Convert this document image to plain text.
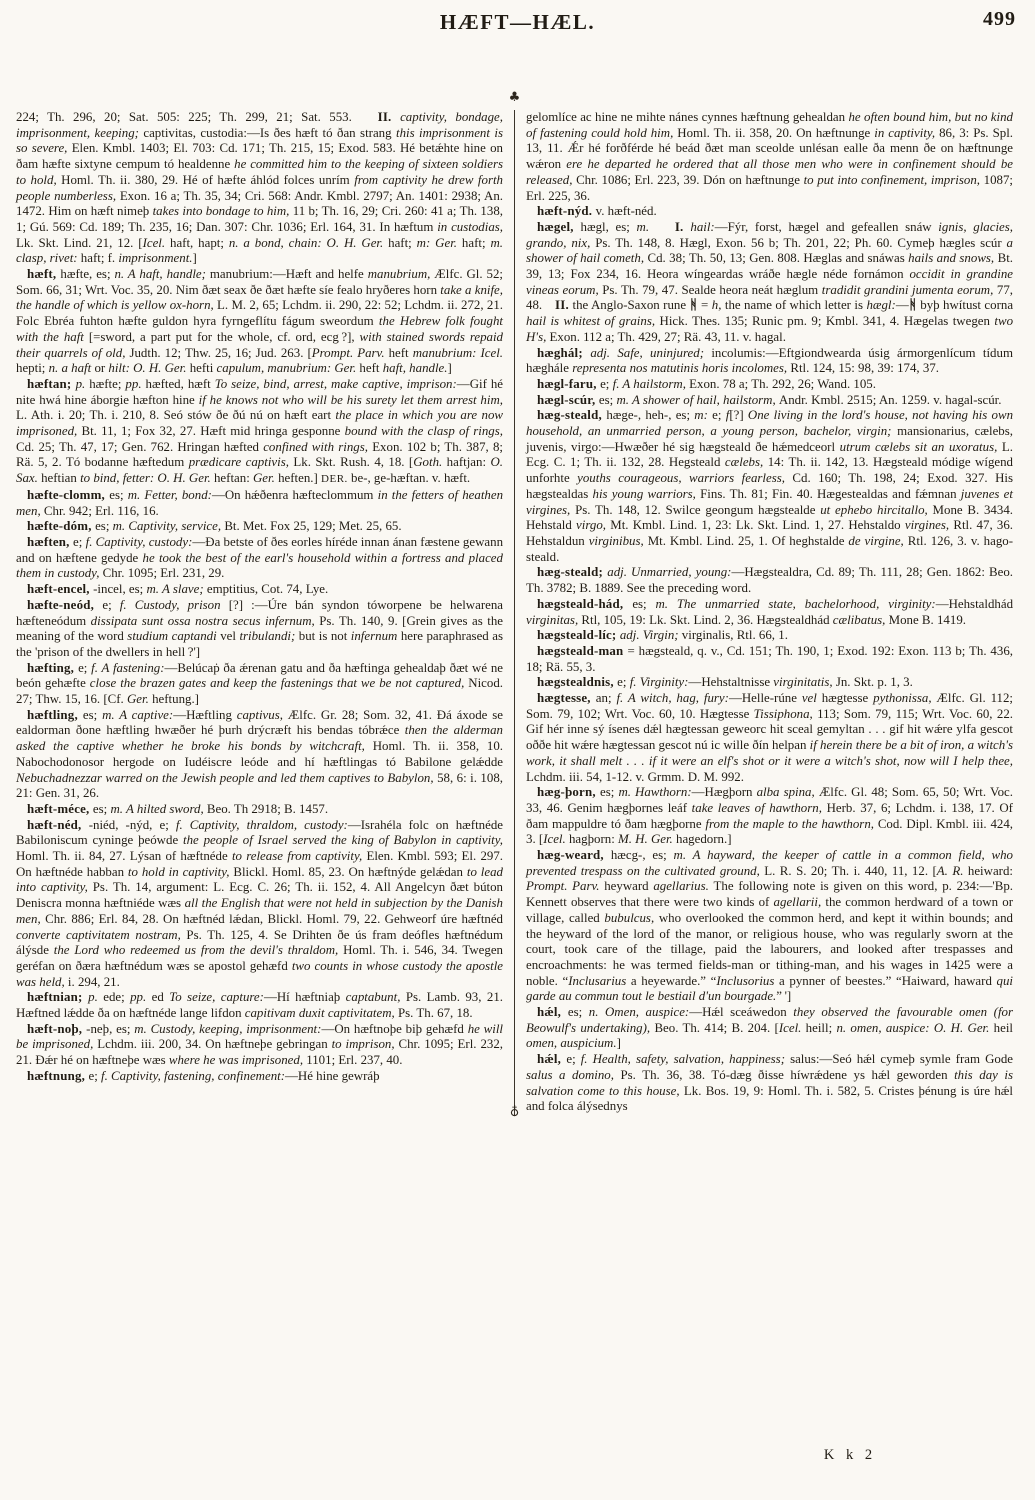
HÆFT—HÆL.	499

224; Th. 296, 20; Sat. 505: 225; Th. 299, 21; Sat. 553.  II. captivity, bondage, imprisonment, keeping; captivitas, custodia:—Is ðes hæft tó ðan strang this imprisonment is so severe, Elen. Kmbl. 1403; El. 703: Cd. 171; Th. 215, 15; Exod. 583. Hé betǽhte hine on ðam hæfte sixtyne cempum tó healdenne he committed him to the keeping of sixteen soldiers to hold, Homl. Th. ii. 380, 29. Hé of hæfte áhlód folces unrím from captivity he drew forth people numberless, Exon. 16 a; Th. 35, 34; Cri. 568: Andr. Kmbl. 2797; An. 1401: 2938; An. 1472. Him on hæft nimeþ takes into bondage to him, 11 b; Th. 16, 29; Cri. 260: 41 a; Th. 138, 1; Gú. 569: Cd. 189; Th. 235, 16; Dan. 307: Chr. 1036; Erl. 164, 31. In hæftum in custodias, Lk. Skt. Lind. 21, 12. [Icel. haft, hapt; n. a bond, chain: O. H. Ger. haft; m: Ger. haft; m. clasp, rivet: haft; f. imprisonment.]

hæft, hæfte, es; n. A haft, handle; manubrium:—Hæft and helfe manubrium, Ælfc. Gl. 52; Som. 66, 31; Wrt. Voc. 35, 20. Nim ðæt seax ðe ðæt hæfte síe fealo hryðeres horn take a knife, the handle of which is yellow ox-horn, L. M. 2, 65; Lchdm. ii. 290, 22: 52; Lchdm. ii. 272, 21. Folc Ebréa fuhton hæfte guldon hyra fyrngeflítu fágum sweordum the Hebrew folk fought with the haft [=sword, a part put for the whole, cf. ord, ecg ?], with stained swords repaid their quarrels of old, Judth. 12; Thw. 25, 16; Jud. 263. [Prompt. Parv. heft manubrium: Icel. hepti; n. a haft or hilt: O. H. Ger. hefti capulum, manubrium: Ger. heft haft, handle.]

hæftan; p. hæfte; pp. hæfted, hæft To seize, bind, arrest, make captive, imprison:—Gif hé nite hwá hine áborgie hæfton hine if he knows not who will be his surety let them arrest him, L. Ath. i. 20; Th. i. 210, 8. Seó stów ðe ðú nú on hæft eart the place in which you are now imprisoned, Bt. 11, 1; Fox 32, 27. Hæft mid hringa gesponne bound with the clasp of rings, Cd. 25; Th. 47, 17; Gen. 762. Hringan hæfted confined with rings, Exon. 102 b; Th. 387, 8; Rä. 5, 2. Tó bodanne hæftedum prædicare captivis, Lk. Skt. Rush. 4, 18. [Goth. haftjan: O. Sax. heftian to bind, fetter: O. H. Ger. heftan: Ger. heften.] DER. be-, ge-hæftan. v. hæft.

hæfte-clomm, es; m. Fetter, bond:—On hǽðenra hæfteclommum in the fetters of heathen men, Chr. 942; Erl. 116, 16.

hæfte-dóm, es; m. Captivity, service, Bt. Met. Fox 25, 129; Met. 25, 65.

hæften, e; f. Captivity, custody:—Ða betste of ðes eorles híréde innan ánan fæstene gewann and on hæftene gedyde he took the best of the earl's household within a fortress and placed them in custody, Chr. 1095; Erl. 231, 29.

hæft-encel, -incel, es; m. A slave; emptitius, Cot. 74, Lye.

hæfte-neód, e; f. Custody, prison [?] :—Úre bán syndon tóworpene be helwarena hæfteneódum dissipata sunt ossa nostra secus infernum, Ps. Th. 140, 9. [Grein gives as the meaning of the word studium captandi vel tribulandi; but is not infernum here paraphrased as the 'prison of the dwellers in hell ?']

hæfting, e; f. A fastening:—Belúcaṗ ða ǽrenan gatu and ða hæftinga gehealdaþ ðæt wé ne beón gehæfte close the brazen gates and keep the fastenings that we be not captured, Nicod. 27; Thw. 15, 16. [Cf. Ger. heftung.]

hæftling, es; m. A captive:—Hæftling captivus, Ælfc. Gr. 28; Som. 32, 41. Ðá áxode se ealdorman ðone hæftling hwæðer hé þurh drýcræft his bendas tóbrǽce then the alderman asked the captive whether he broke his bonds by witchcraft, Homl. Th. ii. 358, 10. Nabochodonosor hergode on Iudéiscre leóde and hí hæftlingas tó Babilone gelǽdde Nebuchadnezzar warred on the Jewish people and led them captives to Babylon, 58, 6: i. 108, 21: Gen. 31, 26.

hæft-méce, es; m. A hilted sword, Beo. Th 2918; B. 1457.

hæft-néd, -niéd, -nýd, e; f. Captivity, thraldom, custody:—Israhéla folc on hæftnéde Babiloniscum cyninge þeówde the people of Israel served the king of Babylon in captivity, Homl. Th. ii. 84, 27. Lýsan of hæftnéde to release from captivity, Elen. Kmbl. 593; El. 297. On hæftnéde habban to hold in captivity, Blickl. Homl. 85, 23. On hæftnýde gelǽdan to lead into captivity, Ps. Th. 14, argument: L. Ecg. C. 26; Th. ii. 152, 4. All Angelcyn ðæt búton Deniscra monna hæftniéde wæs all the English that were not held in subjection by the Danish men, Chr. 886; Erl. 84, 28. On hæftnéd lǽdan, Blickl. Homl. 79, 22. Gehweorf úre hæftnéd converte captivitatem nostram, Ps. Th. 125, 4. Se Drihten ðe ús fram deófles hæftnédum álýsde the Lord who redeemed us from the devil's thraldom, Homl. Th. i. 546, 34. Twegen geréfan on ðæra hæftnédum wæs se apostol gehæfd two counts in whose custody the apostle was held, i. 294, 21.

hæftnian; p. ede; pp. ed To seize, capture:—Hí hæftniaþ captabunt, Ps. Lamb. 93, 21. Hæftned lǽdde ða on hæftnéde lange lifdon capitivam duxit captivitatem, Ps. Th. 67, 18.

hæft-noþ, -neþ, es; m. Custody, keeping, imprisonment:—On hæftnoþe biþ gehæfd he will be imprisoned, Lchdm. iii. 200, 34. On hæftneþe gebringan to imprison, Chr. 1095; Erl. 232, 21. Ðǽr hé on hæftneþe wæs where he was imprisoned, 1101; Erl. 237, 40.

hæftnung, e; f. Captivity, fastening, confinement:—Hé hine gewráþ

♣
♁

gelomlíce ac hine ne mihte nánes cynnes hæftnung gehealdan he often bound him, but no kind of fastening could hold him, Homl. Th. ii. 358, 20. On hæftnunge in captivity, 86, 3: Ps. Spl. 13, 11. Ǽr hé forðférde hé beád ðæt man sceolde unlésan ealle ða menn ðe on hæftnunge wǽron ere he departed he ordered that all those men who were in confinement should be released, Chr. 1086; Erl. 223, 39. Dón on hæftnunge to put into confinement, imprison, 1087; Erl. 225, 36.

hæft-nýd. v. hæft-néd.

hægel, hægl, es; m.  I. hail:—Fýr, forst, hægel and gefeallen snáw ignis, glacies, grando, nix, Ps. Th. 148, 8. Hægl, Exon. 56 b; Th. 201, 22; Ph. 60. Cymeþ hægles scúr a shower of hail cometh, Cd. 38; Th. 50, 13; Gen. 808. Hæglas and snáwas hails and snows, Bt. 39, 13; Fox 234, 16. Heora wíngeardas wráðe hægle néde fornámon occidit in grandine vineas eorum, Ps. Th. 79, 47. Sealde heora neát hæglum tradidit grandini jumenta eorum, 77, 48. II. the Anglo-Saxon rune ᚻ = h, the name of which letter is hægl:—ᚻ byþ hwítust corna hail is whitest of grains, Hick. Thes. 135; Runic pm. 9; Kmbl. 341, 4. Hægelas twegen two H's, Exon. 112 a; Th. 429, 27; Rä. 43, 11. v. hagal.

hæghál; adj. Safe, uninjured; incolumis:—Eftgiondwearda úsig ármorgenlícum tídum hæghále representa nos matutinis horis incolomes, Rtl. 124, 15: 98, 39: 174, 37.

hægl-faru, e; f. A hailstorm, Exon. 78 a; Th. 292, 26; Wand. 105.

hægl-scúr, es; m. A shower of hail, hailstorm, Andr. Kmbl. 2515; An. 1259. v. hagal-scúr.

hæg-steald, hæge-, heh-, es; m: e; f[?] One living in the lord's house, not having his own household, an unmarried person, a young person, bachelor, virgin; mansionarius, cælebs, juvenis, virgo:—Hwæðer hé sig hægsteald ðe hǽmedceorl utrum cælebs sit an uxoratus, L. Ecg. C. 1; Th. ii. 132, 28. Hegsteald cælebs, 14: Th. ii. 142, 13. Hægsteald módige wígend unforhte youths courageous, warriors fearless, Cd. 160; Th. 198, 24; Exod. 327. His hægstealdas his young warriors, Fins. Th. 81; Fin. 40. Hægestealdas and fǽmnan juvenes et virgines, Ps. Th. 148, 12. Swilce geongum hægstealde ut ephebo hircitallo, Mone B. 3434. Hehstald virgo, Mt. Kmbl. Lind. 1, 23: Lk. Skt. Lind. 1, 27. Hehstaldo virgines, Rtl. 47, 36. Hehstaldun virginibus, Mt. Kmbl. Lind. 25, 1. Of heghstalde de virgine, Rtl. 126, 3. v. hago-steald.

hæg-steald; adj. Unmarried, young:—Hægstealdra, Cd. 89; Th. 111, 28; Gen. 1862: Beo. Th. 3782; B. 1889. See the preceding word.

hægsteald-hád, es; m. The unmarried state, bachelorhood, virginity:—Hehstaldhád virginitas, Rtl, 105, 19: Lk. Skt. Lind. 2, 36. Hægstealdhád cælibatus, Mone B. 1419.

hægsteald-líc; adj. Virgin; virginalis, Rtl. 66, 1.

hægsteald-man = hægsteald, q. v., Cd. 151; Th. 190, 1; Exod. 192: Exon. 113 b; Th. 436, 18; Rä. 55, 3.

hægstealdnis, e; f. Virginity:—Hehstaltnisse virginitatis, Jn. Skt. p. 1, 3.

hægtesse, an; f. A witch, hag, fury:—Helle-rúne vel hægtesse pythonissa, Ælfc. Gl. 112; Som. 79, 102; Wrt. Voc. 60, 10. Hægtesse Tissiphona, 113; Som. 79, 115; Wrt. Voc. 60, 22. Gif hér inne sý ísenes dǽl hægtessan geweorc hit sceal gemyltan . . . gif hit wǽre ylfa gescot oððe hit wǽre hægtessan gescot nú ic wille ðín helpan if herein there be a bit of iron, a witch's work, it shall melt . . . if it were an elf's shot or it were a witch's shot, now will I help thee, Lchdm. iii. 54, 1-12. v. Grmm. D. M. 992.

hæg-þorn, es; m. Hawthorn:—Hægþorn alba spina, Ælfc. Gl. 48; Som. 65, 50; Wrt. Voc. 33, 46. Genim hægþornes leáf take leaves of hawthorn, Herb. 37, 6; Lchdm. i. 138, 17. Of ðam mappuldre tó ðam hægþorne from the maple to the hawthorn, Cod. Dipl. Kmbl. iii. 424, 3. [Icel. hagþorn: M. H. Ger. hagedorn.]

hæg-weard, hæcg-, es; m. A hayward, the keeper of cattle in a common field, who prevented trespass on the cultivated ground, L. R. S. 20; Th. i. 440, 11, 12. [A. R. heiward: Prompt. Parv. heyward agellarius. The following note is given on this word, p. 234:—'Bp. Kennett observes that there were two kinds of agellarii, the common herdward of a town or village, called bubulcus, who overlooked the common herd, and kept it within bounds; and the heyward of the lord of the manor, or religious house, who was regularly sworn at the court, took care of the tillage, paid the labourers, and looked after trespasses and encroachments: he was termed fields-man or tithing-man, and his wages in 1425 were a noble. “Inclusarius a heyewarde.” “Inclusorius a pynner of beestes.” “Haiward, haward qui garde au commun tout le bestiail d'un bourgade.” ']

hǽl, es; n. Omen, auspice:—Hǽl sceáwedon they observed the favourable omen (for Beowulf's undertaking), Beo. Th. 414; B. 204. [Icel. heill; n. omen, auspice: O. H. Ger. heil omen, auspicium.]

hǽl, e; f. Health, safety, salvation, happiness; salus:—Seó hǽl cymeþ symle fram Gode salus a domino, Ps. Th. 36, 38. Tó-dæg ðisse híwrǽdene ys hǽl geworden this day is salvation come to this house, Lk. Bos. 19, 9: Homl. Th. i. 582, 5. Cristes þénung is úre hǽl and folca álýsednys

K k 2
